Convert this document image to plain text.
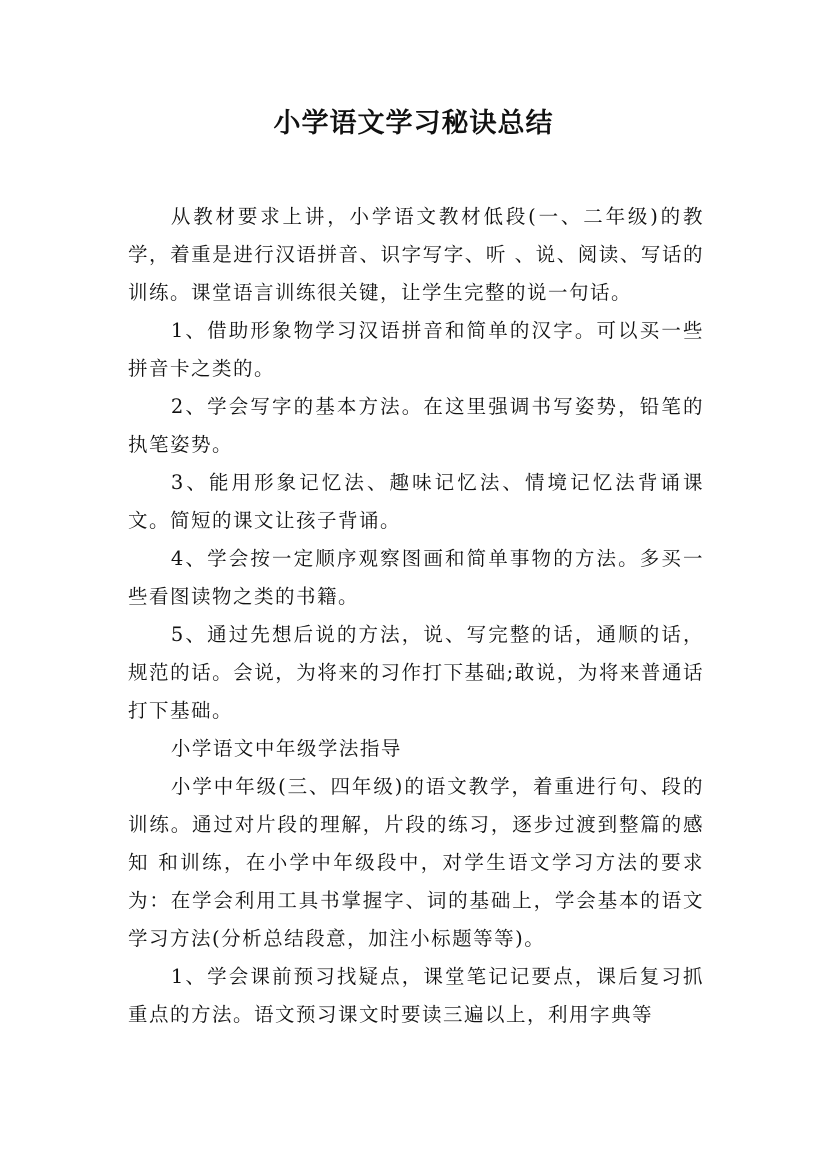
小学语文学习秘诀总结

从教材要求上讲，小学语文教材低段(一、二年级)的教学，着重是进行汉语拼音、识字写字、听 、说、阅读、写话的训练。课堂语言训练很关键，让学生完整的说一句话。

1、借助形象物学习汉语拼音和简单的汉字。可以买一些拼音卡之类的。

2、学会写字的基本方法。在这里强调书写姿势，铅笔的执笔姿势。

3、能用形象记忆法、趣味记忆法、情境记忆法背诵课文。简短的课文让孩子背诵。

4、学会按一定顺序观察图画和简单事物的方法。多买一些看图读物之类的书籍。

5、通过先想后说的方法，说、写完整的话，通顺的话，规范的话。会说，为将来的习作打下基础;敢说，为将来普通话打下基础。

小学语文中年级学法指导

小学中年级(三、四年级)的语文教学，着重进行句、段的训练。通过对片段的理解，片段的练习，逐步过渡到整篇的感知 和训练，在小学中年级段中，对学生语文学习方法的要求为：在学会利用工具书掌握字、词的基础上，学会基本的语文学习方法(分析总结段意，加注小标题等等)。

1、学会课前预习找疑点，课堂笔记记要点，课后复习抓重点的方法。语文预习课文时要读三遍以上，利用字典等
